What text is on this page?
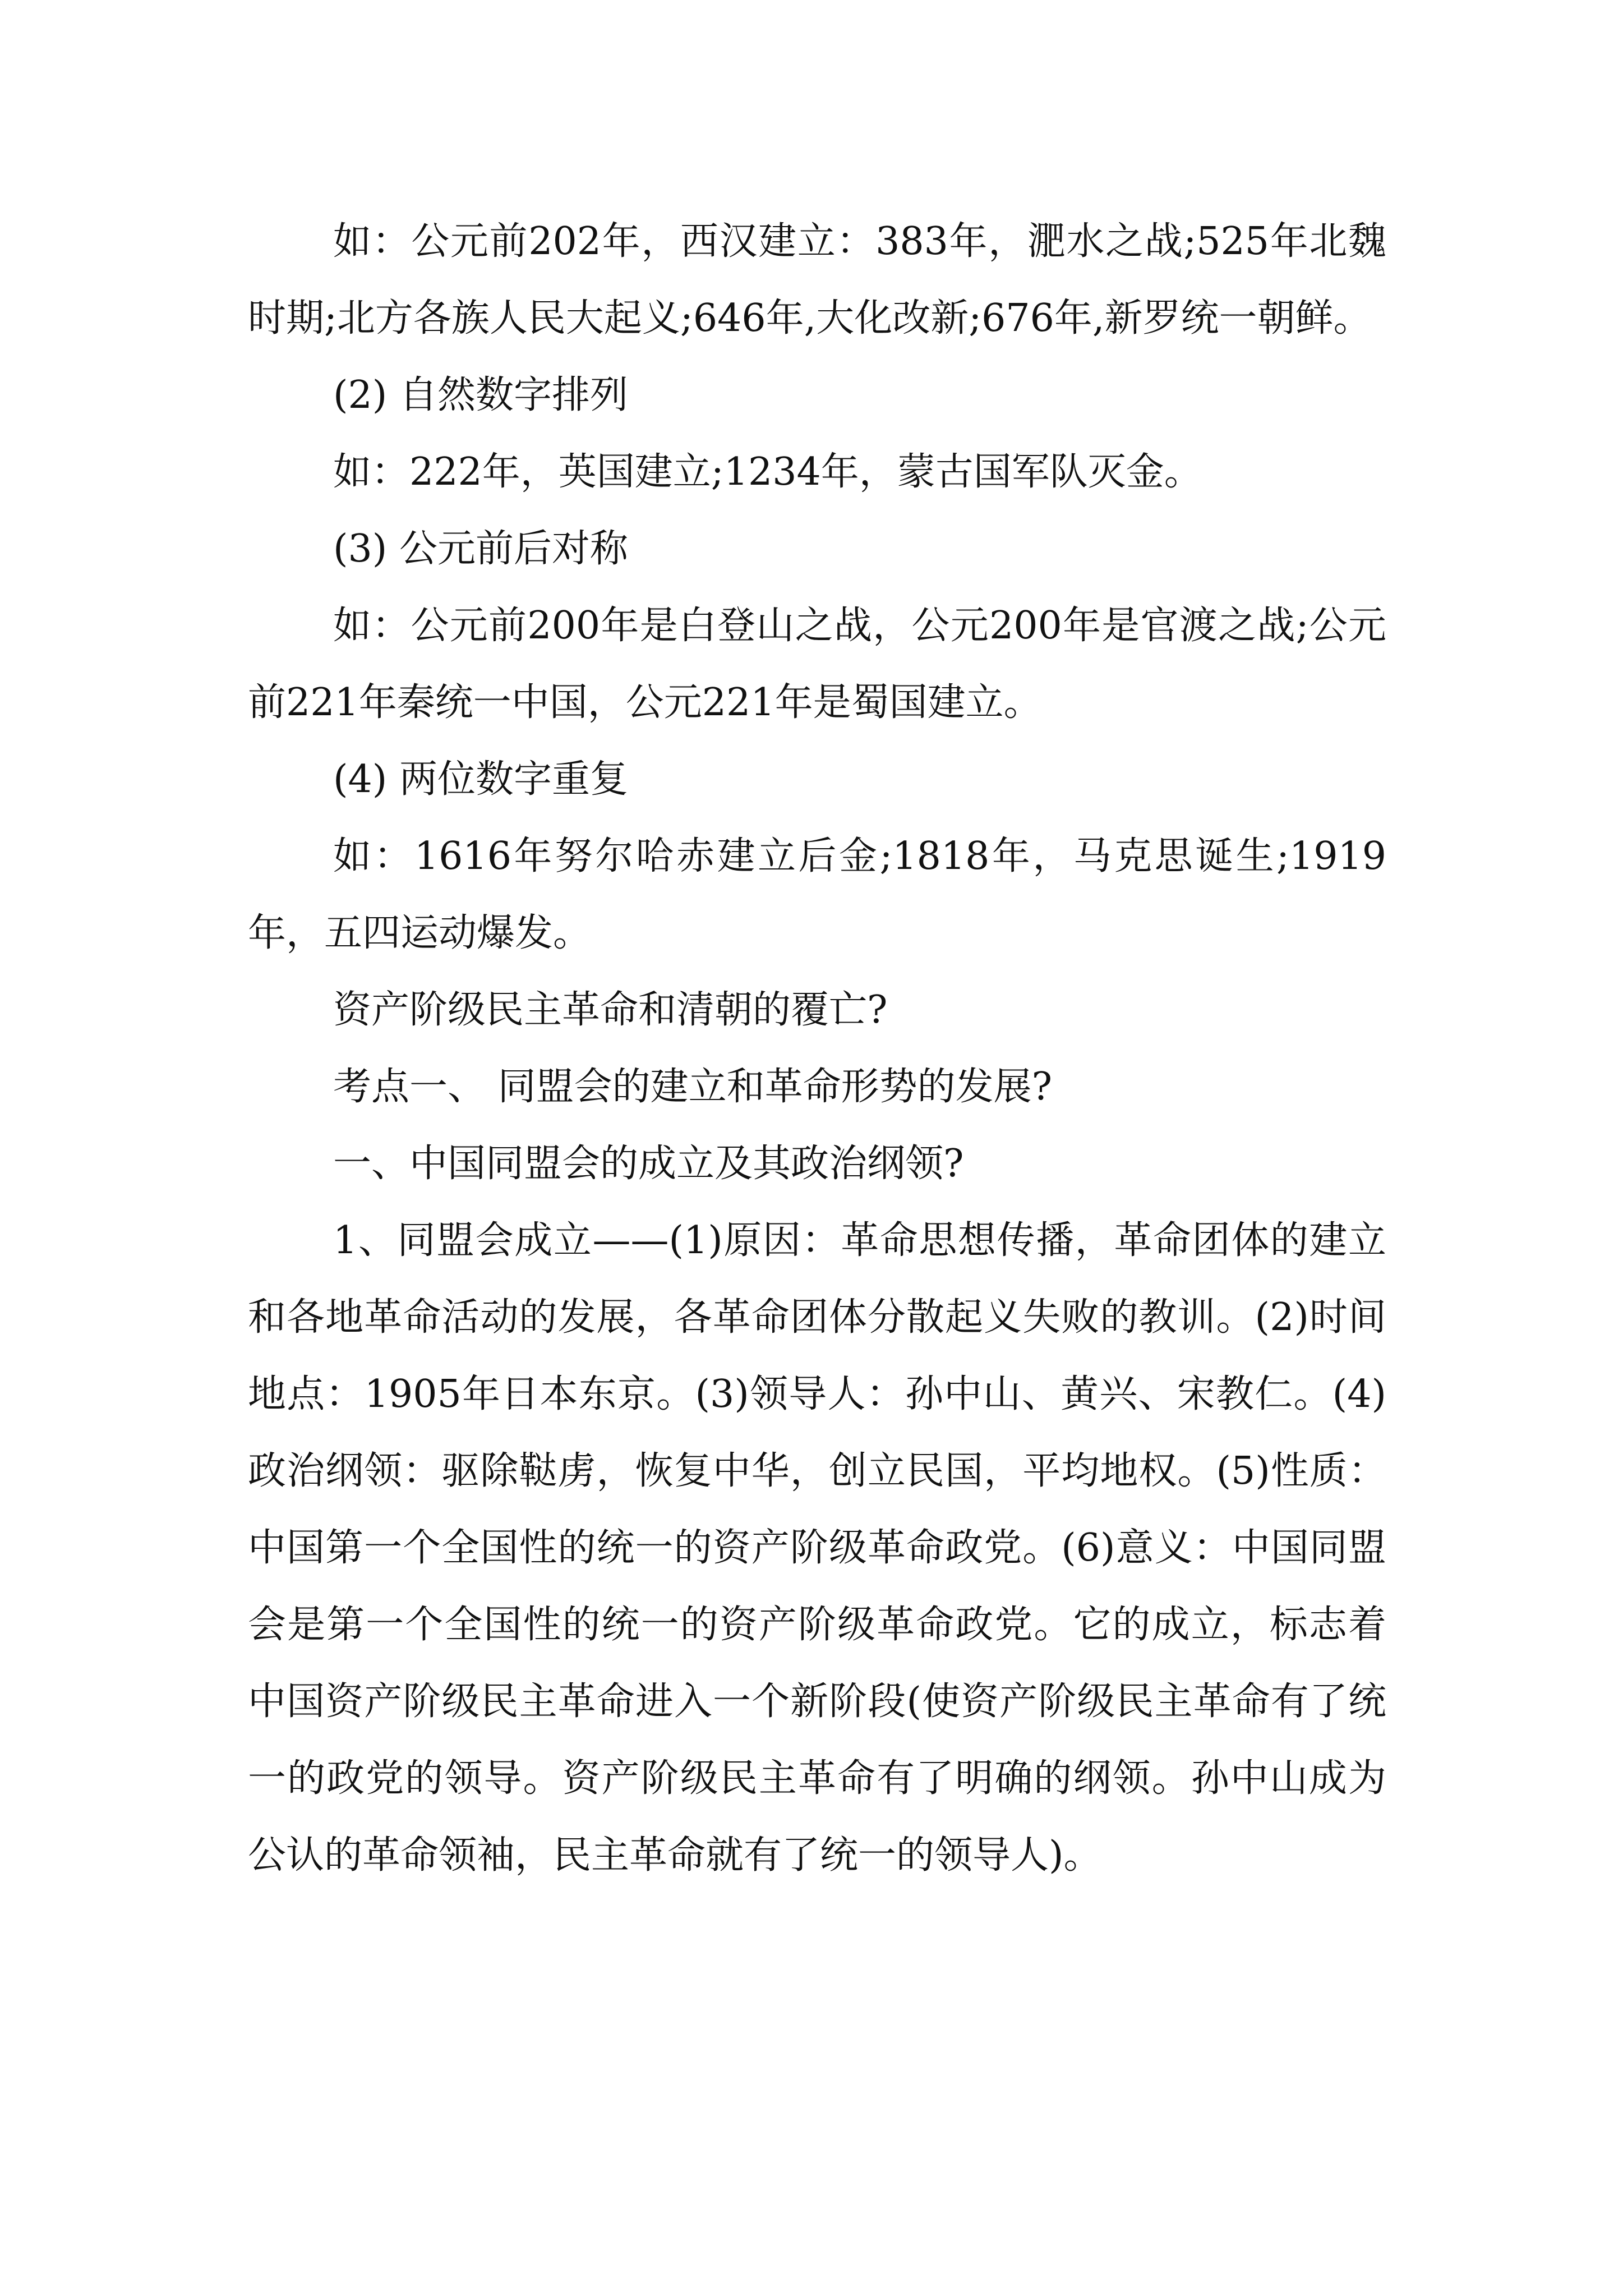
如：公元前202年，西汉建立：383年，淝水之战;525年北魏时期;北方各族人民大起义;646年,大化改新;676年,新罗统一朝鲜。

(2) 自然数字排列

如：222年，英国建立;1234年，蒙古国军队灭金。

(3) 公元前后对称

如：公元前200年是白登山之战，公元200年是官渡之战;公元前221年秦统一中国，公元221年是蜀国建立。

(4) 两位数字重复

如：1616年努尔哈赤建立后金;1818年，马克思诞生;1919年，五四运动爆发。

资产阶级民主革命和清朝的覆亡?

考点一、 同盟会的建立和革命形势的发展?

一、中国同盟会的成立及其政治纲领?

1、同盟会成立——(1)原因：革命思想传播，革命团体的建立和各地革命活动的发展，各革命团体分散起义失败的教训。(2)时间地点：1905年日本东京。(3)领导人：孙中山、黄兴、宋教仁。(4)政治纲领：驱除鞑虏，恢复中华，创立民国，平均地权。(5)性质：中国第一个全国性的统一的资产阶级革命政党。(6)意义：中国同盟会是第一个全国性的统一的资产阶级革命政党。它的成立，标志着中国资产阶级民主革命进入一个新阶段(使资产阶级民主革命有了统一的政党的领导。资产阶级民主革命有了明确的纲领。孙中山成为公认的革命领袖，民主革命就有了统一的领导人)。
